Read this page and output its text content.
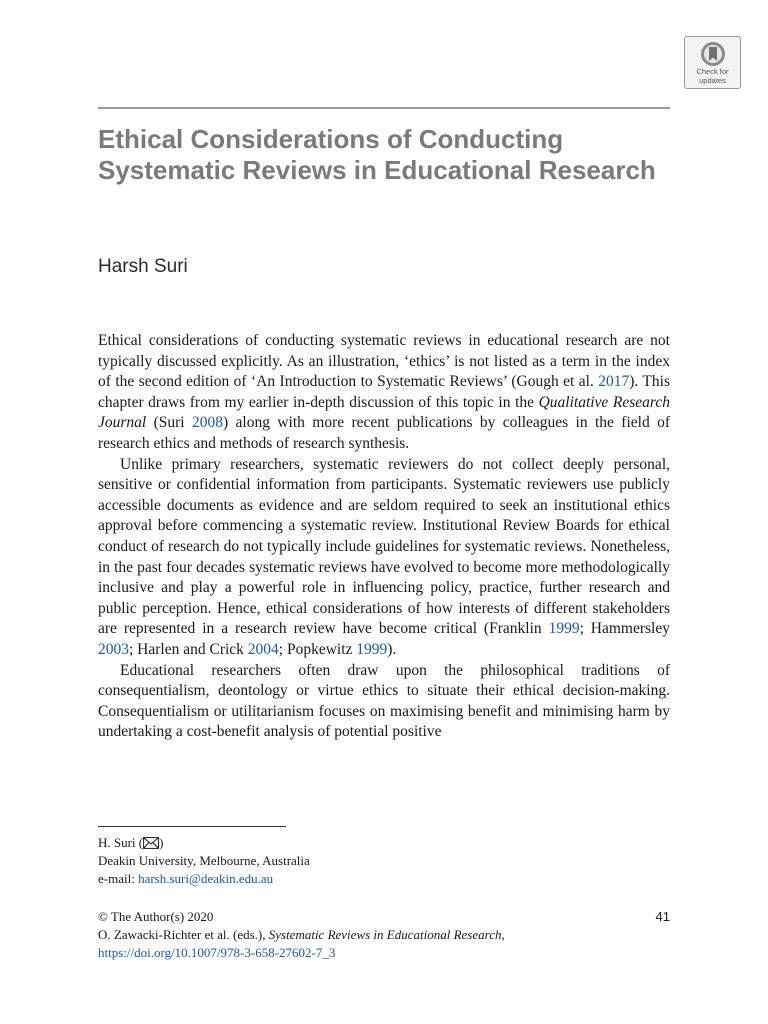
Check for
updates
Ethical Considerations of Conducting Systematic Reviews in Educational Research

Harsh Suri

Ethical considerations of conducting systematic reviews in educational research are not typically discussed explicitly. As an illustration, ‘ethics’ is not listed as a term in the index of the second edition of ‘An Introduction to Systematic Reviews’ (Gough et al. 2017). This chapter draws from my earlier in-depth discussion of this topic in the Qualitative Research Journal (Suri 2008) along with more recent publications by colleagues in the field of research ethics and methods of research synthesis.

Unlike primary researchers, systematic reviewers do not collect deeply personal, sensitive or confidential information from participants. Systematic reviewers use publicly accessible documents as evidence and are seldom required to seek an institutional ethics approval before commencing a systematic review. Institutional Review Boards for ethical conduct of research do not typically include guidelines for systematic reviews. Nonetheless, in the past four decades systematic reviews have evolved to become more methodologically inclusive and play a powerful role in influencing policy, practice, further research and public perception. Hence, ethical considerations of how interests of different stakeholders are represented in a research review have become critical (Franklin 1999; Hammersley 2003; Harlen and Crick 2004; Popkewitz 1999).

Educational researchers often draw upon the philosophical traditions of consequentialism, deontology or virtue ethics to situate their ethical decision-making. Consequentialism or utilitarianism focuses on maximising benefit and minimising harm by undertaking a cost-benefit analysis of potential positive

H. Suri ( )
Deakin University, Melbourne, Australia
e-mail: harsh.suri@deakin.edu.au
© The Author(s) 2020
O. Zawacki-Richter et al. (eds.), Systematic Reviews in Educational Research,
https://doi.org/10.1007/978-3-658-27602-7_3
41
